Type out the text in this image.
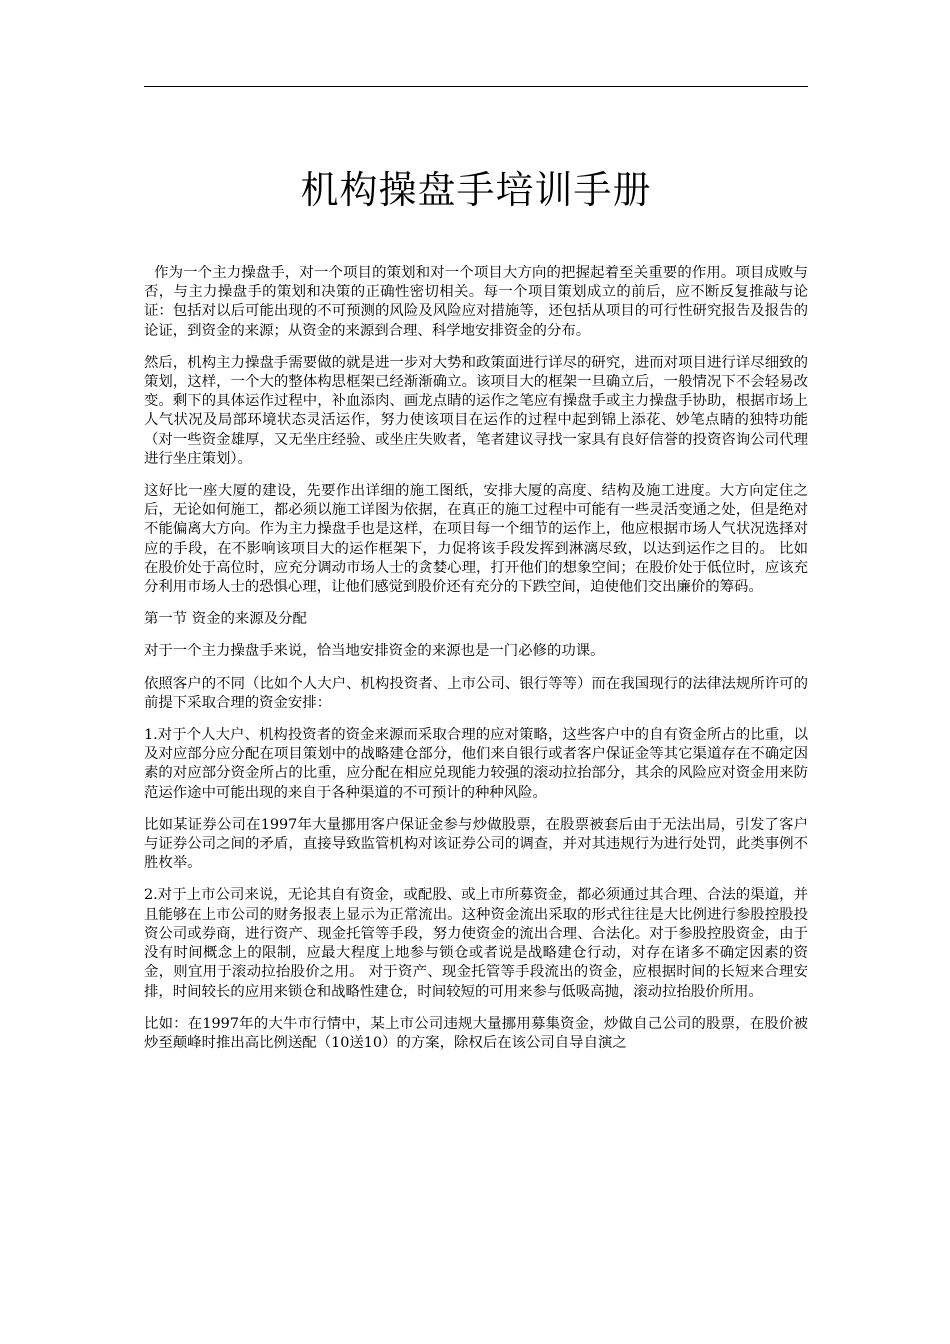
机构操盘手培训手册

作为一个主力操盘手，对一个项目的策划和对一个项目大方向的把握起着至关重要的作用。项目成败与否，与主力操盘手的策划和决策的正确性密切相关。每一个项目策划成立的前后，应不断反复推敲与论证：包括对以后可能出现的不可预测的风险及风险应对措施等，还包括从项目的可行性研究报告及报告的论证，到资金的来源；从资金的来源到合理、科学地安排资金的分布。

然后，机构主力操盘手需要做的就是进一步对大势和政策面进行详尽的研究，进而对项目进行详尽细致的策划，这样，一个大的整体构思框架已经渐渐确立。该项目大的框架一旦确立后，一般情况下不会轻易改变。剩下的具体运作过程中，补血添肉、画龙点睛的运作之笔应有操盘手或主力操盘手协助，根据市场上人气状况及局部环境状态灵活运作，努力使该项目在运作的过程中起到锦上添花、妙笔点睛的独特功能（对一些资金雄厚，又无坐庄经验、或坐庄失败者，笔者建议寻找一家具有良好信誉的投资咨询公司代理进行坐庄策划）。

这好比一座大厦的建设，先要作出详细的施工图纸，安排大厦的高度、结构及施工进度。大方向定住之后，无论如何施工，都必须以施工详图为依据，在真正的施工过程中可能有一些灵活变通之处，但是绝对不能偏离大方向。作为主力操盘手也是这样，在项目每一个细节的运作上，他应根据市场人气状况选择对应的手段，在不影响该项目大的运作框架下，力促将该手段发挥到淋漓尽致，以达到运作之目的。 比如在股价处于高位时，应充分调动市场人士的贪婪心理，打开他们的想象空间；在股价处于低位时，应该充分利用市场人士的恐惧心理，让他们感觉到股价还有充分的下跌空间，迫使他们交出廉价的筹码。

第一节 资金的来源及分配

对于一个主力操盘手来说，恰当地安排资金的来源也是一门必修的功课。

依照客户的不同（比如个人大户、机构投资者、上市公司、银行等等）而在我国现行的法律法规所许可的前提下采取合理的资金安排：

1.对于个人大户、机构投资者的资金来源而采取合理的应对策略，这些客户中的自有资金所占的比重，以及对应部分应分配在项目策划中的战略建仓部分，他们来自银行或者客户保证金等其它渠道存在不确定因素的对应部分资金所占的比重，应分配在相应兑现能力较强的滚动拉抬部分，其余的风险应对资金用来防范运作途中可能出现的来自于各种渠道的不可预计的种种风险。

比如某证券公司在1997年大量挪用客户保证金参与炒做股票，在股票被套后由于无法出局，引发了客户与证券公司之间的矛盾，直接导致监管机构对该证券公司的调查，并对其违规行为进行处罚，此类事例不胜枚举。

2.对于上市公司来说，无论其自有资金，或配股、或上市所募资金，都必须通过其合理、合法的渠道，并且能够在上市公司的财务报表上显示为正常流出。这种资金流出采取的形式往往是大比例进行参股控股投资公司或券商，进行资产、现金托管等手段，努力使资金的流出合理、合法化。对于参股控股资金，由于没有时间概念上的限制，应最大程度上地参与锁仓或者说是战略建仓行动，对存在诸多不确定因素的资金，则宜用于滚动拉抬股价之用。 对于资产、现金托管等手段流出的资金，应根据时间的长短来合理安排，时间较长的应用来锁仓和战略性建仓，时间较短的可用来参与低吸高抛，滚动拉抬股价所用。

比如：在1997年的大牛市行情中，某上市公司违规大量挪用募集资金，炒做自己公司的股票，在股价被炒至颠峰时推出高比例送配（10送10）的方案，除权后在该公司自导自演之
